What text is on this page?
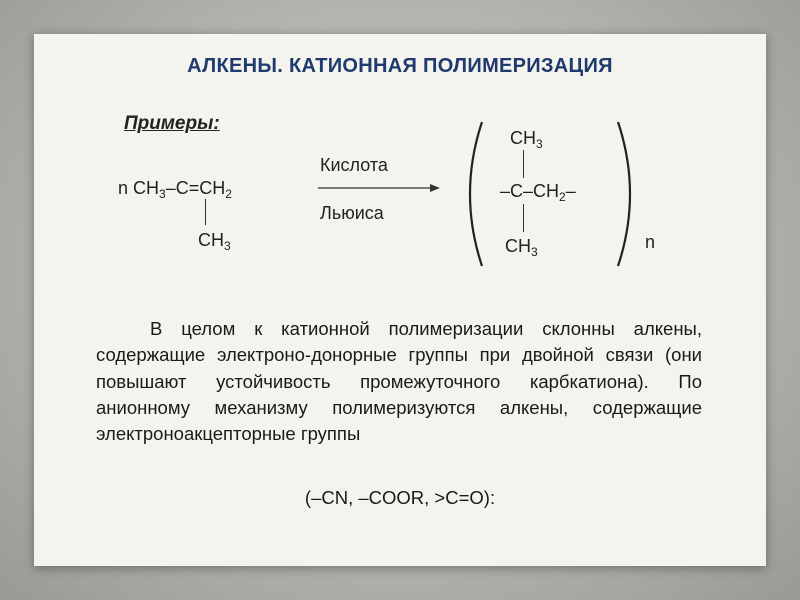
АЛКЕНЫ. КАТИОННАЯ ПОЛИМЕРИЗАЦИЯ
Примеры:
n $CH_3-C=CH_2$
$CH_3$
Кислота
Льюиса
$CH_3$
$-C-CH_2-$
$CH_3$	n

В целом к катионной полимеризации склонны алкены, содержащие электроно-донорные группы при двойной связи (они повышают устойчивость промежуточного карбкатиона). По анионному механизму полимеризуются алкены, содержащие электроноакцепторные группы

(–CN, –COOR, >C=O):
